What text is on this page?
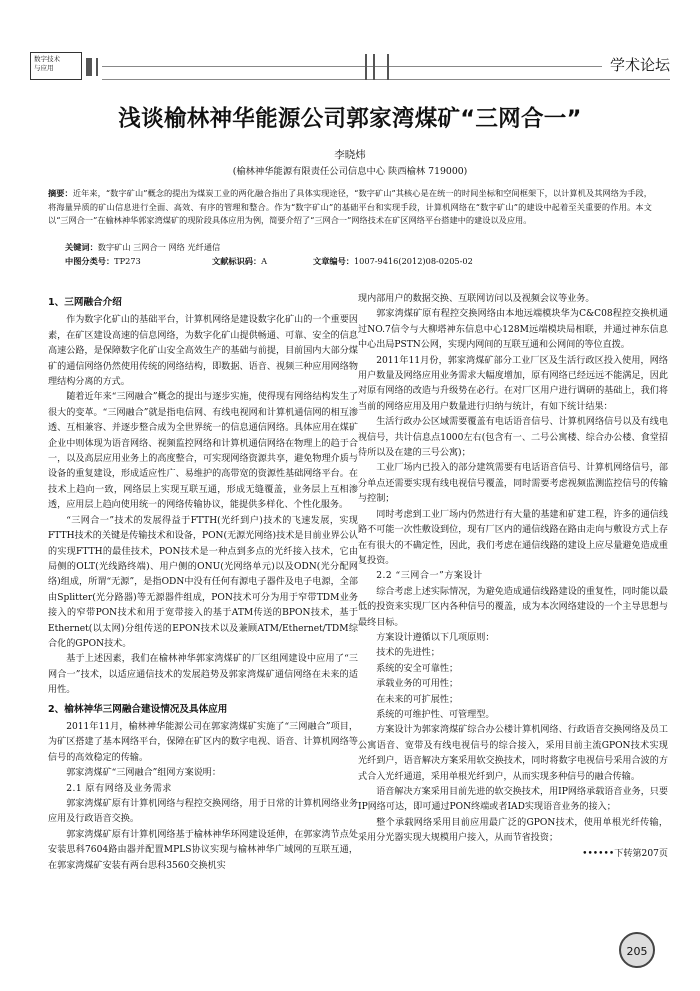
数字技术
与应用	学术论坛
浅谈榆林神华能源公司郭家湾煤矿“三网合一”
李晓炜
(榆林神华能源有限责任公司信息中心 陕西榆林 719000)
摘要：近年来，“数字矿山”概念的提出为煤炭工业的两化融合指出了具体实现途径，“数字矿山”其核心是在统一的时间坐标和空间框架下，以计算机及其网络为手段，将海量异质的矿山信息进行全面、高效、有序的管理和整合。作为“数字矿山”的基础平台和实现手段，计算机网络在“数字矿山”的建设中起着至关重要的作用。本文以“三网合一”在榆林神华郭家湾煤矿的现阶段具体应用为例，简要介绍了“三网合一”网络技术在矿区网络平台搭建中的建设以及应用。
关键词：数字矿山 三网合一 网络 光纤通信
中图分类号：TP273	文献标识码：A	文章编号：1007-9416(2012)08-0205-02

1、三网融合介绍

作为数字化矿山的基础平台，计算机网络是建设数字化矿山的一个重要因素，在矿区建设高速的信息网络，为数字化矿山提供畅通、可靠、安全的信息高速公路，是保障数字化矿山安全高效生产的基础与前提，目前国内大部分煤矿的通信网络仍然使用传统的网络结构，即数据、语音、视频三种应用网络物理结构分离的方式。

随着近年来“三网融合”概念的提出与逐步实施，使得现有网络结构发生了很大的变革。“三网融合”就是指电信网、有线电视网和计算机通信网的相互渗透、互相兼容、并逐步整合成为全世界统一的信息通信网络。具体应用在煤矿企业中则体现为语音网络、视频监控网络和计算机通信网络在物理上的趋于合一，以及高层应用业务上的高度整合，可实现网络资源共享，避免物理介质与设备的重复建设，形成适应性广、易维护的高带宽的资源性基础网络平台。在技术上趋向一致，网络层上实现互联互通，形成无缝覆盖，业务层上互相渗透，应用层上趋向使用统一的网络传输协议，能提供多样化、个性化服务。

“三网合一”技术的发展得益于FTTH(光纤到户)技术的飞速发展，实现FTTH技术的关键是传输技术和设备，PON(无源光网络)技术是目前业界公认的实现FTTH的最佳技术，PON技术是一种点到多点的光纤接入技术，它由局侧的OLT(光线路终端)、用户侧的ONU(光网络单元)以及ODN(光分配网络)组成，所谓“无源”，是指ODN中没有任何有源电子器件及电子电源，全部由Splitter(光分路器)等无源器件组成，PON技术可分为用于窄带TDM业务接入的窄带PON技术和用于宽带接入的基于ATM传送的BPON技术，基于Ethernet(以太网)分组传送的EPON技术以及兼顾ATM/Ethernet/TDM综合化的GPON技术。

基于上述因素，我们在榆林神华郭家湾煤矿的厂区组网建设中应用了“三网合一”技术，以适应通信技术的发展趋势及郭家湾煤矿通信网络在未来的适用性。

2、榆林神华三网融合建设情况及具体应用

2011年11月，榆林神华能源公司在郭家湾煤矿实施了“三网融合”项目，为矿区搭建了基本网络平台，保障在矿区内的数字电视、语音、计算机网络等信号的高效稳定的传输。

郭家湾煤矿“三网融合”组网方案说明：

2.1 原有网络及业务需求

郭家湾煤矿原有计算机网络与程控交换网络，用于日常的计算机网络业务应用及行政语音交换。

郭家湾煤矿原有计算机网络基于榆林神华环网建设延伸，在郭家湾节点处安装思科7604路由器并配置MPLS协议实现与榆林神华广域网的互联互通，在郭家湾煤矿安装有两台思科3560交换机实

现内部用户的数据交换、互联网访问以及视频会议等业务。

郭家湾煤矿原有程控交换网络由本地远端模块华为C&C08程控交换机通过NO.7信令与大柳塔神东信息中心128M远端模块局相联，并通过神东信息中心出局PSTN公网，实现内网间的互联互通和公网间的等位直拨。

2011年11月份，郭家湾煤矿部分工业厂区及生活行政区投入使用，网络用户数量及网络应用业务需求大幅度增加，原有网络已经远远不能满足，因此对原有网络的改造与升级势在必行。在对厂区用户进行调研的基础上，我们将当前的网络应用及用户数量进行归纳与统计，有如下统计结果：

生活行政办公区域需要覆盖有电话语音信号、计算机网络信号以及有线电视信号，共计信息点1000左右(包含有一、二号公寓楼、综合办公楼、食堂招待所以及在建的三号公寓)；

工业厂场内已投入的部分建筑需要有电话语音信号、计算机网络信号，部分单点还需要实现有线电视信号覆盖，同时需要考虑视频监测监控信号的传输与控制；

同时考虑到工业厂场内仍然进行有大量的基建和矿建工程，许多的通信线路不可能一次性敷设到位，现有厂区内的通信线路在路由走向与敷设方式上存在有很大的不确定性，因此，我们考虑在通信线路的建设上应尽量避免造成重复投资。

2.2 “三网合一”方案设计

综合考虑上述实际情况，为避免造成通信线路建设的重复性，同时能以最低的投资来实现厂区内各种信号的覆盖，成为本次网络建设的一个主导思想与最终目标。

方案设计遵循以下几项原则：

技术的先进性；

系统的安全可靠性；

承载业务的可用性；

在未来的可扩展性；

系统的可维护性、可管理型。

方案设计为郭家湾煤矿综合办公楼计算机网络、行政语音交换网络及员工公寓语音、宽带及有线电视信号的综合接入，采用目前主流GPON技术实现光纤到户，语音解决方案采用软交换技术，同时将数字电视信号采用合波的方式合入光纤通道，采用单根光纤到户，从而实现多种信号的融合传输。

语音解决方案采用目前先进的软交换技术，用IP网络承载语音业务，只要IP网络可达，即可通过PON终端或者IAD实现语音业务的接入；

整个承载网络采用目前应用最广泛的GPON技术，使用单根光纤传输，采用分光器实现大规模用户接入，从而节省投资；

••••••下转第207页

205
